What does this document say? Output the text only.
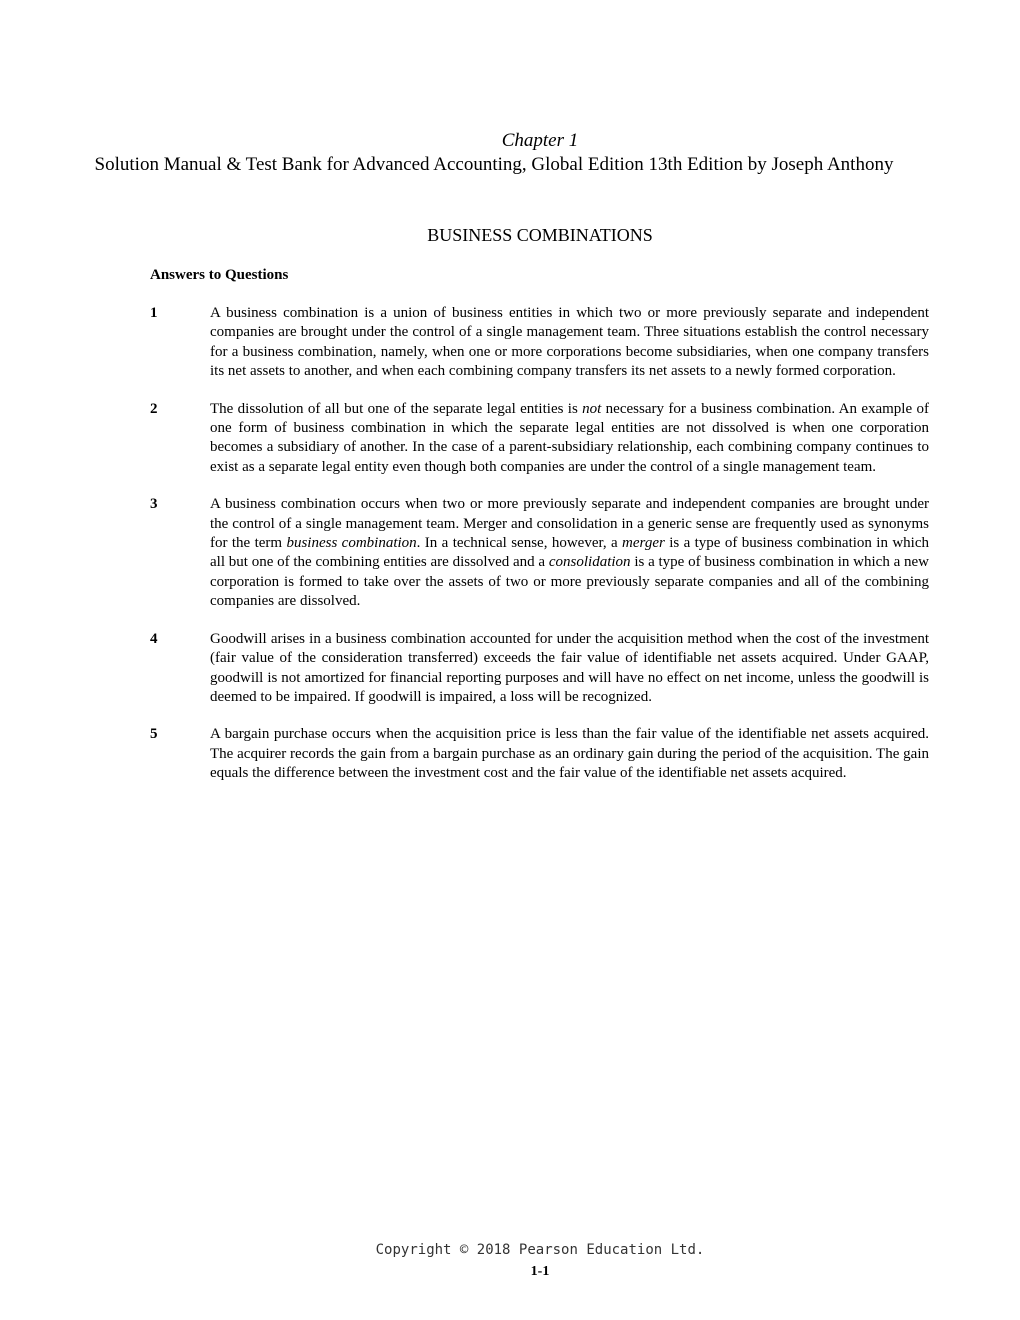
Chapter 1
Solution Manual & Test Bank for Advanced Accounting, Global Edition 13th Edition by Joseph Anthony
BUSINESS COMBINATIONS
Answers to Questions
1	A business combination is a union of business entities in which two or more previously separate and independent companies are brought under the control of a single management team. Three situations establish the control necessary for a business combination, namely, when one or more corporations become subsidiaries, when one company transfers its net assets to another, and when each combining company transfers its net assets to a newly formed corporation.
2	The dissolution of all but one of the separate legal entities is not necessary for a business combination. An example of one form of business combination in which the separate legal entities are not dissolved is when one corporation becomes a subsidiary of another. In the case of a parent-subsidiary relationship, each combining company continues to exist as a separate legal entity even though both companies are under the control of a single management team.
3	A business combination occurs when two or more previously separate and independent companies are brought under the control of a single management team. Merger and consolidation in a generic sense are frequently used as synonyms for the term business combination. In a technical sense, however, a merger is a type of business combination in which all but one of the combining entities are dissolved and a consolidation is a type of business combination in which a new corporation is formed to take over the assets of two or more previously separate companies and all of the combining companies are dissolved.
4	Goodwill arises in a business combination accounted for under the acquisition method when the cost of the investment (fair value of the consideration transferred) exceeds the fair value of identifiable net assets acquired. Under GAAP, goodwill is not amortized for financial reporting purposes and will have no effect on net income, unless the goodwill is deemed to be impaired. If goodwill is impaired, a loss will be recognized.
5	A bargain purchase occurs when the acquisition price is less than the fair value of the identifiable net assets acquired. The acquirer records the gain from a bargain purchase as an ordinary gain during the period of the acquisition. The gain equals the difference between the investment cost and the fair value of the identifiable net assets acquired.
Copyright © 2018 Pearson Education Ltd.
1-1
